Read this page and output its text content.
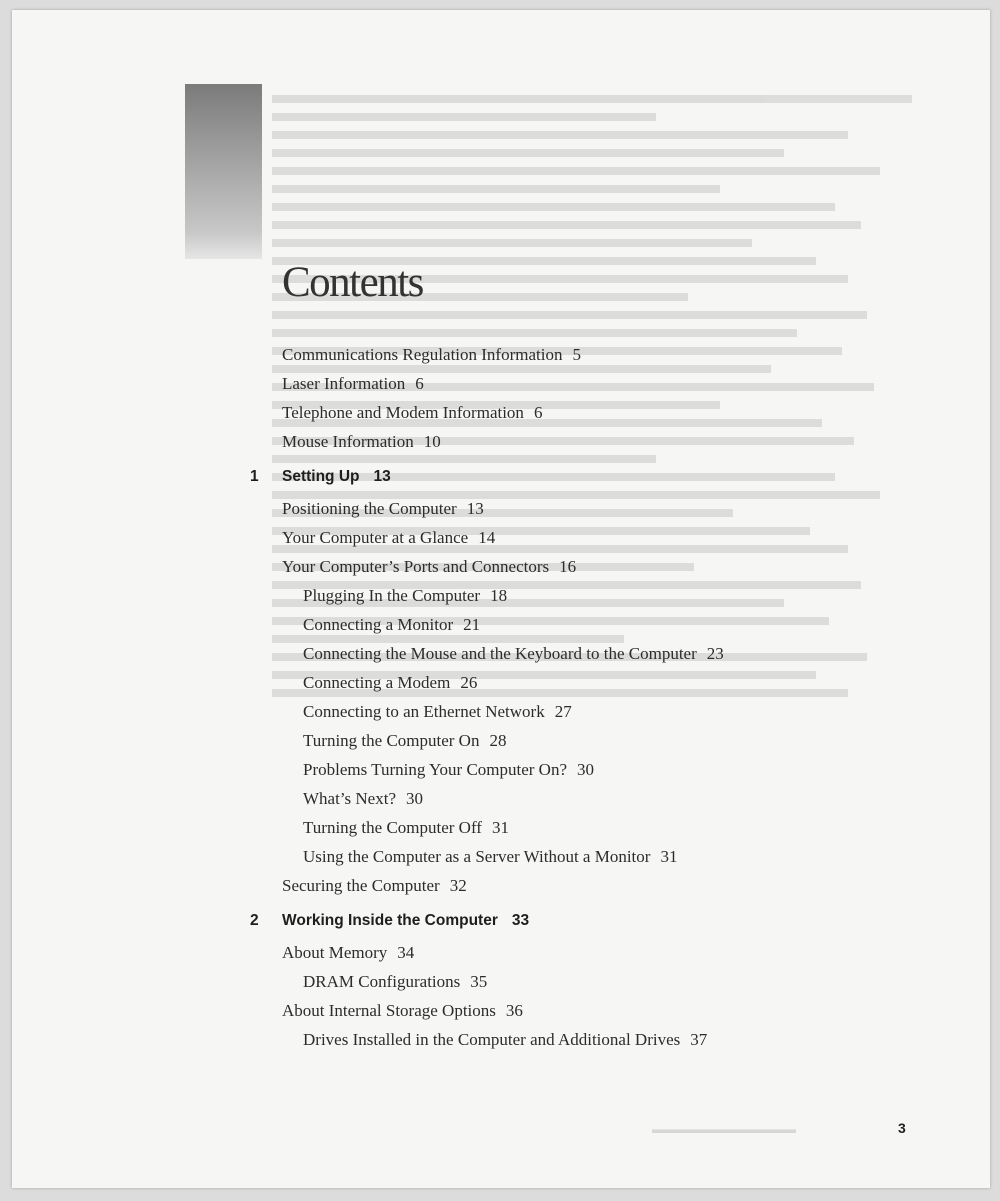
Contents
Communications Regulation Information 5
Laser Information 6
Telephone and Modem Information 6
Mouse Information 10
1 Setting Up 13
Positioning the Computer 13
Your Computer at a Glance 14
Your Computer’s Ports and Connectors 16
Plugging In the Computer 18
Connecting a Monitor 21
Connecting the Mouse and the Keyboard to the Computer 23
Connecting a Modem 26
Connecting to an Ethernet Network 27
Turning the Computer On 28
Problems Turning Your Computer On? 30
What’s Next? 30
Turning the Computer Off 31
Using the Computer as a Server Without a Monitor 31
Securing the Computer 32
2 Working Inside the Computer 33
About Memory 34
DRAM Configurations 35
About Internal Storage Options 36
Drives Installed in the Computer and Additional Drives 37
▬▬▬▬▬▬▬▬▬▬▬▬	3
